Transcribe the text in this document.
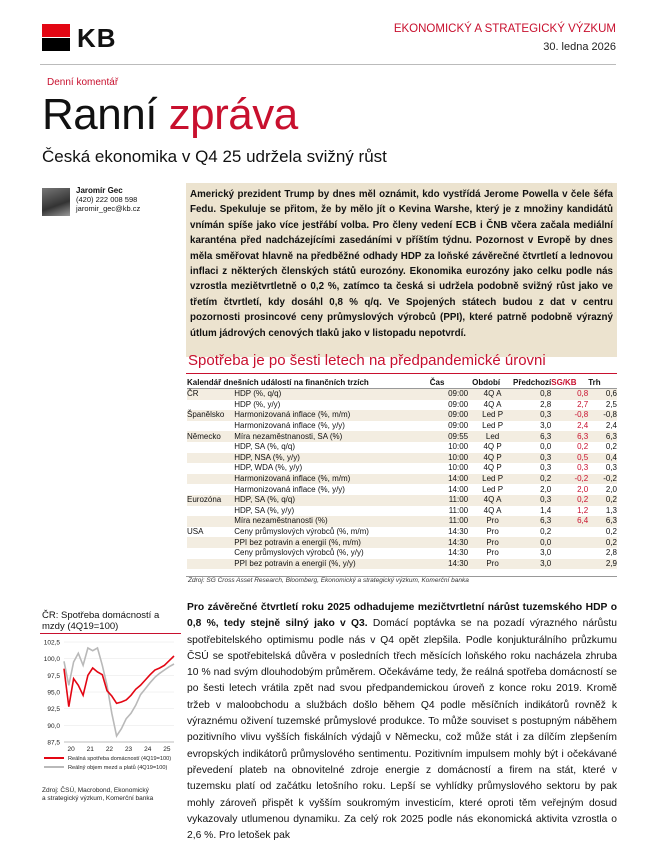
KB	EKONOMICKÝ A STRATEGICKÝ VÝZKUM
30. ledna 2026
Denní komentář
Ranní zpráva
Česká ekonomika v Q4 25 udržela svižný růst
Jaromír Gec
(420) 222 008 598
jaromir_gec@kb.cz

Americký prezident Trump by dnes měl oznámit, kdo vystřídá Jerome Powella v čele šéfa Fedu. Spekuluje se přitom, že by mělo jít o Kevina Warshe, který je z množiny kandidátů vnímán spíše jako více jestřábí volba. Pro členy vedení ECB i ČNB včera začala mediální karanténa před nadcházejícími zasedáními v příštím týdnu. Pozornost v Evropě by dnes měla směřovat hlavně na předběžné odhady HDP za loňské závěrečné čtvrtletí a lednovou inflaci z některých členských států eurozóny. Ekonomika eurozóny jako celku podle nás vzrostla meziětvrtletně o 0,2 %, zatímco ta česká si udržela podobně svižný růst jako ve třetím čtvrtletí, kdy dosáhl 0,8 % q/q. Ve Spojených státech budou z dat v centru pozornosti prosincové ceny průmyslových výrobců (PPI), které patrně podobně výrazný útlum jádrových cenových tlaků jako v listopadu nepotvrdí.

Spotřeba je po šesti letech na předpandemické úrovni
Kalendář dnešních událostí na finančních trzích		Čas	Období	Předchozí	SG/KB	Trh
ČR	HDP (%, q/q)	09:00	4Q A	0,8	0,8	0,6
	HDP (%, y/y)	09:00	4Q A	2,8	2,7	2,5
Španělsko	Harmonizovaná inflace (%, m/m)	09:00	Led P	0,3	-0,8	-0,8
	Harmonizovaná inflace (%, y/y)	09:00	Led P	3,0	2,4	2,4
Německo	Míra nezaměstnanosti, SA (%)	09:55	Led	6,3	6,3	6,3
	HDP, SA (%, q/q)	10:00	4Q P	0,0	0,2	0,2
	HDP, NSA (%, y/y)	10:00	4Q P	0,3	0,5	0,4
	HDP, WDA (%, y/y)	10:00	4Q P	0,3	0,3	0,3
	Harmonizovaná inflace (%, m/m)	14:00	Led P	0,2	-0,2	-0,2
	Harmonizovaná inflace (%, y/y)	14:00	Led P	2,0	2,0	2,0
Eurozóna	HDP, SA (%, q/q)	11:00	4Q A	0,3	0,2	0,2
	HDP, SA (%, y/y)	11:00	4Q A	1,4	1,2	1,3
	Míra nezaměstnanosti (%)	11:00	Pro	6,3	6,4	6,3
USA	Ceny průmyslových výrobců (%, m/m)	14:30	Pro	0,2		0,2
	PPI bez potravin a energií (%, m/m)	14:30	Pro	0,0		0,2
	Ceny průmyslových výrobců (%, y/y)	14:30	Pro	3,0		2,8
	PPI bez potravin a energií (%, y/y)	14:30	Pro	3,0		2,9
Zdroj: SG Cross Asset Research, Bloomberg, Ekonomický a strategický výzkum, Komerční banka
ČR: Spotřeba domácností a mzdy (4Q19=100)
102,5
100,0
97,5
95,0
92,5
90,0
87,5
20 21 22 23 24 25
Reálná spotřeba domácností (4Q19=100)
Reálný objem mezd a platů (4Q19=100)
Zdroj: ČSÚ, Macrobond, Ekonomický
a strategický výzkum, Komerční banka
Pro závěrečné čtvrtletí roku 2025 odhadujeme mezičtvrtletní nárůst tuzemského HDP o 0,8 %, tedy stejně silný jako v Q3. Domácí poptávka se na pozadí výrazného nárůstu spotřebitelského optimismu podle nás v Q4 opět zlepšila. Podle konjukturálního průzkumu ČSÚ se spotřebitelská důvěra v posledních třech měsících loňského roku nacházela zhruba 10 % nad svým dlouhodobým průměrem. Očekáváme tedy, že reálná spotřeba domácností se po šesti letech vrátila zpět nad svou předpandemickou úroveň z konce roku 2019. Kromě tržeb v maloobchodu a službách došlo během Q4 podle měsíčních indikátorů rovněž k výraznému oživení tuzemské průmyslové produkce. To může souviset s postupným náběhem pozitivního vlivu vyšších fiskálních výdajů v Německu, což může stát i za dílčím zlepšením evropských indikátorů průmyslového sentimentu. Pozitivním impulsem mohly být i očekávané převedení plateb na obnovitelné zdroje energie z domácností a firem na stát, které v tuzemsku platí od začátku letošního roku. Lepší se vyhlídky průmyslového sektoru by pak mohly zároveň přispět k vyšším soukromým investicím, které oproti těm veřejným dosud vykazovaly utlumenou dynamiku. Za celý rok 2025 podle nás ekonomická aktivita vzrostla o 2,6 %. Pro letošek pak
